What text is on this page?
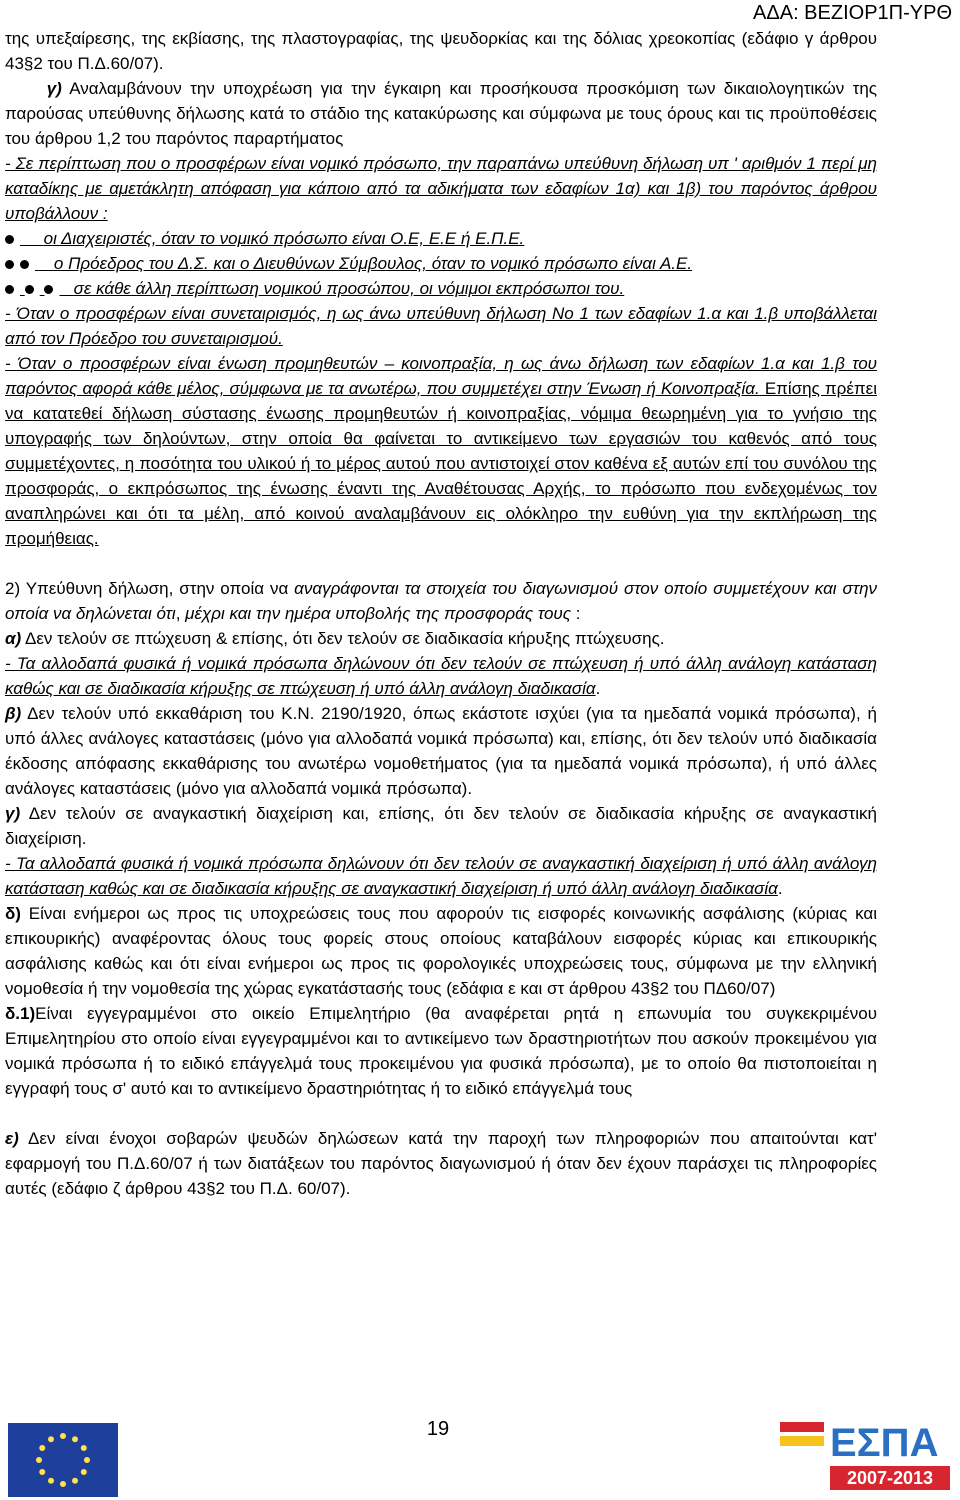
ΑΔΑ: ΒΕΖΙΟΡ1Π-ΥΡΘ

της υπεξαίρεσης, της εκβίασης, της πλαστογραφίας, της ψευδορκίας και της δόλιας χρεοκοπίας (εδάφιο γ άρθρου 43§2 του Π.Δ.60/07).

γ) Αναλαμβάνουν την υποχρέωση για την έγκαιρη και προσήκουσα προσκόμιση των δικαιολογητικών της παρούσας υπεύθυνης δήλωσης κατά το στάδιο της κατακύρωσης και σύμφωνα με τους όρους και τις προϋποθέσεις του άρθρου 1,2 του παρόντος παραρτήματος

- Σε περίπτωση που ο προσφέρων είναι νομικό πρόσωπο, την παραπάνω υπεύθυνη δήλωση υπ ' αριθμόν 1 περί μη καταδίκης με αμετάκλητη απόφαση για κάποιο από τα αδικήματα των εδαφίων 1α) και 1β) του παρόντος άρθρου υποβάλλουν :

οι Διαχειριστές, όταν το νομικό πρόσωπο είναι Ο.Ε, Ε.Ε ή Ε.Π.Ε.

ο Πρόεδρος του Δ.Σ. και ο Διευθύνων Σύμβουλος, όταν το νομικό πρόσωπο είναι Α.Ε.

σε κάθε άλλη περίπτωση νομικού προσώπου, οι νόμιμοι εκπρόσωποι του.

- Όταν ο προσφέρων είναι συνεταιρισμός, η ως άνω υπεύθυνη δήλωση Νο 1 των εδαφίων 1.α και 1.β υποβάλλεται από τον Πρόεδρο του συνεταιρισμού.

- Όταν ο προσφέρων είναι ένωση προμηθευτών – κοινοπραξία, η ως άνω δήλωση των εδαφίων 1.α και 1.β του παρόντος αφορά κάθε μέλος, σύμφωνα με τα ανωτέρω, που συμμετέχει στην Ένωση ή Κοινοπραξία. Επίσης πρέπει να κατατεθεί δήλωση σύστασης ένωσης προμηθευτών ή κοινοπραξίας, νόμιμα θεωρημένη για το γνήσιο της υπογραφής των δηλούντων, στην οποία θα φαίνεται το αντικείμενο των εργασιών του καθενός από τους συμμετέχοντες, η ποσότητα του υλικού ή το μέρος αυτού που αντιστοιχεί στον καθένα εξ αυτών επί του συνόλου της προσφοράς, ο εκπρόσωπος της ένωσης έναντι της Αναθέτουσας Αρχής, το πρόσωπο που ενδεχομένως τον αναπληρώνει και ότι τα μέλη, από κοινού αναλαμβάνουν εις ολόκληρο την ευθύνη για την εκπλήρωση της προμήθειας.

2) Υπεύθυνη δήλωση, στην οποία να αναγράφονται τα στοιχεία του διαγωνισμού στον οποίο συμμετέχουν και στην οποία να δηλώνεται ότι, μέχρι και την ημέρα υποβολής της προσφοράς τους :

α) Δεν τελούν σε πτώχευση & επίσης, ότι δεν τελούν σε διαδικασία κήρυξης πτώχευσης.

- Τα αλλοδαπά φυσικά ή νομικά πρόσωπα δηλώνουν ότι δεν τελούν σε πτώχευση ή υπό άλλη ανάλογη κατάσταση καθώς και σε διαδικασία κήρυξης σε πτώχευση ή υπό άλλη ανάλογη διαδικασία.

β) Δεν τελούν υπό εκκαθάριση του Κ.Ν. 2190/1920, όπως εκάστοτε ισχύει (για τα ημεδαπά νομικά πρόσωπα), ή υπό άλλες ανάλογες καταστάσεις (μόνο για αλλοδαπά νομικά πρόσωπα) και, επίσης, ότι δεν τελούν υπό διαδικασία έκδοσης απόφασης εκκαθάρισης του ανωτέρω νομοθετήματος (για τα ημεδαπά νομικά πρόσωπα), ή υπό άλλες ανάλογες καταστάσεις (μόνο για αλλοδαπά νομικά πρόσωπα).

γ) Δεν τελούν σε αναγκαστική διαχείριση και, επίσης, ότι δεν τελούν σε διαδικασία κήρυξης σε αναγκαστική διαχείριση.

- Τα αλλοδαπά φυσικά ή νομικά πρόσωπα δηλώνουν ότι δεν τελούν σε αναγκαστική διαχείριση ή υπό άλλη ανάλογη κατάσταση καθώς και σε διαδικασία κήρυξης σε αναγκαστική διαχείριση ή υπό άλλη ανάλογη διαδικασία.

δ) Είναι ενήμεροι ως προς τις υποχρεώσεις τους που αφορούν τις εισφορές κοινωνικής ασφάλισης (κύριας και επικουρικής) αναφέροντας όλους τους φορείς στους οποίους καταβάλουν εισφορές κύριας και επικουρικής ασφάλισης καθώς και ότι είναι ενήμεροι ως προς τις φορολογικές υποχρεώσεις τους, σύμφωνα με την ελληνική νομοθεσία ή την νομοθεσία της χώρας εγκατάστασής τους (εδάφια ε και στ άρθρου 43§2 του ΠΔ60/07)

δ.1)Είναι εγγεγραμμένοι στο οικείο Επιμελητήριο (θα αναφέρεται ρητά η επωνυμία του συγκεκριμένου Επιμελητηρίου στο οποίο είναι εγγεγραμμένοι και το αντικείμενο των δραστηριοτήτων που ασκούν προκειμένου για νομικά πρόσωπα ή το ειδικό επάγγελμά τους προκειμένου για φυσικά πρόσωπα), με το οποίο θα πιστοποιείται η εγγραφή τους σ' αυτό και το αντικείμενο δραστηριότητας ή το ειδικό επάγγελμά τους

ε) Δεν είναι ένοχοι σοβαρών ψευδών δηλώσεων κατά την παροχή των πληροφοριών που απαιτούνται κατ' εφαρμογή του Π.Δ.60/07 ή των διατάξεων του παρόντος διαγωνισμού ή όταν δεν έχουν παράσχει τις πληροφορίες αυτές (εδάφιο ζ άρθρου 43§2 του Π.Δ. 60/07).

19	ΕΣΠΑ
2007-2013
